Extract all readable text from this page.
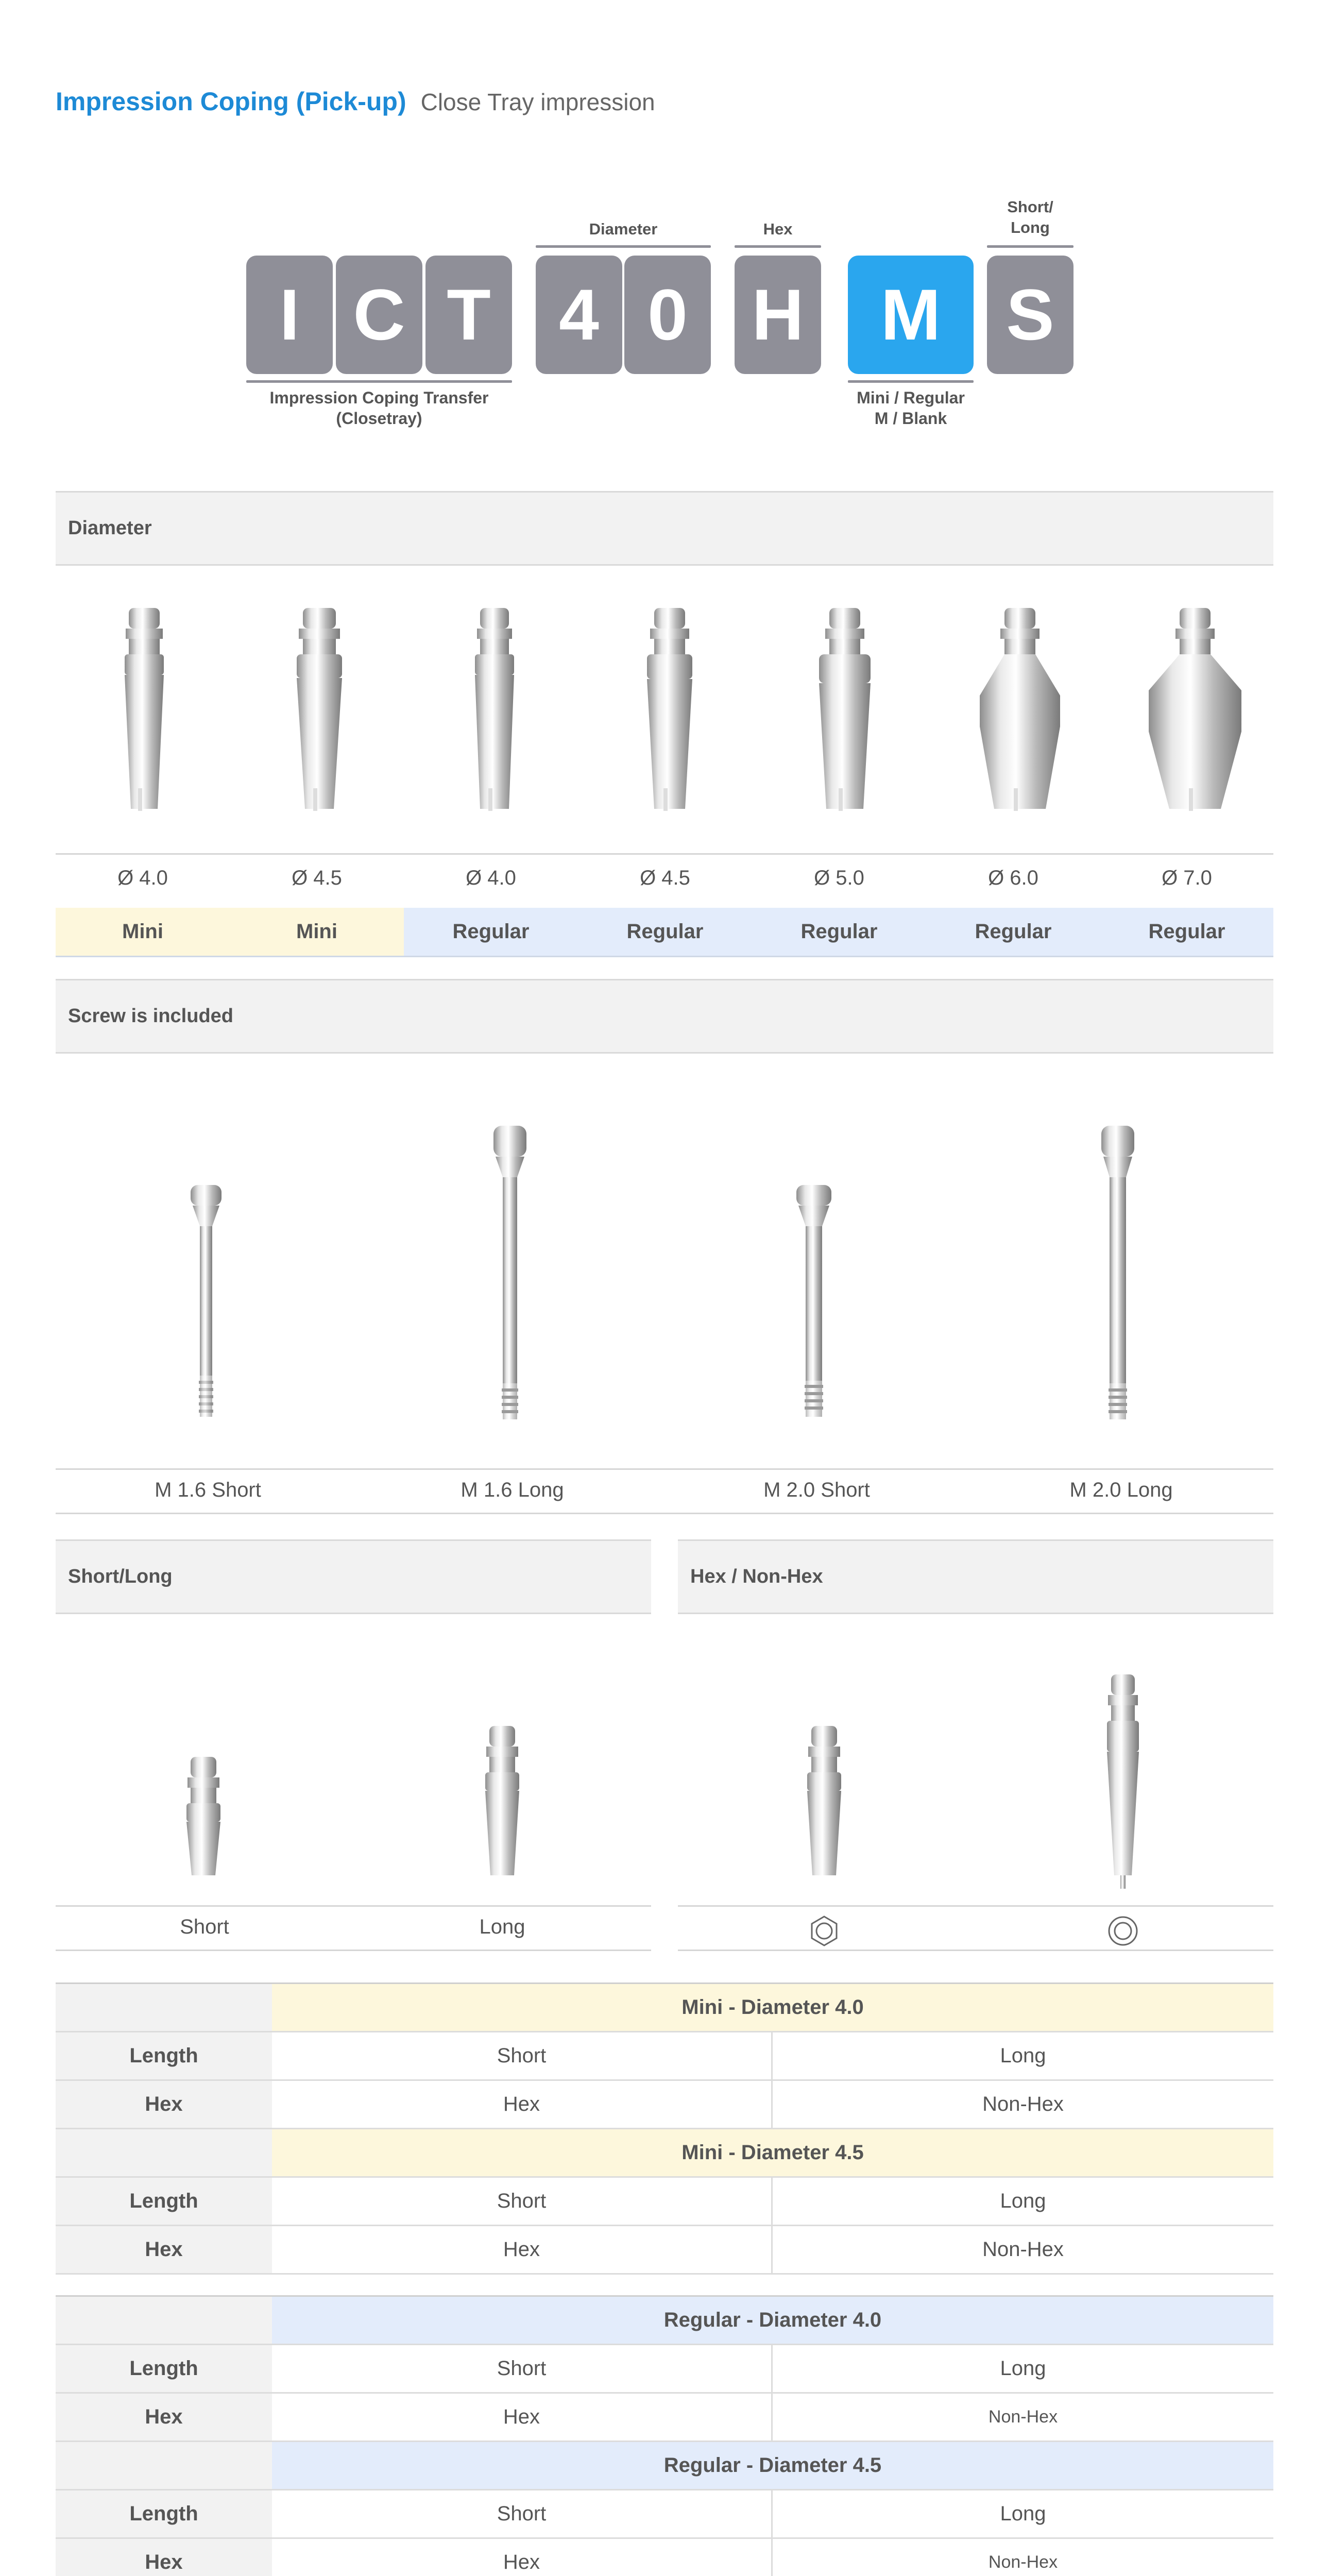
Impression Coping (Pick-up) Close Tray impression
Diameter	Hex
Short/
Long
I C T 4 0 H	M S
Impression Coping Transfer
(Closetray)
Mini / Regular
M / Blank
Diameter
Ø 4.0	Ø 4.5	Ø 4.0	Ø 4.5	Ø 5.0	Ø 6.0	Ø 7.0
Mini	Mini	Regular	Regular	Regular	Regular	Regular
Screw is included
M 1.6 Short	M 1.6 Long	M 2.0 Short	M 2.0 Long
Short/Long	Hex / Non-Hex
Short	Long
Mini - Diameter 4.0
Length	Short	Long
Hex	Hex	Non-Hex
Mini - Diameter 4.5
Length	Short	Long
Hex	Hex	Non-Hex
Regular - Diameter 4.0
Length	Short	Long
Hex	Hex	Non-Hex
Regular - Diameter 4.5
Length	Short	Long
Hex	Hex	Non-Hex
